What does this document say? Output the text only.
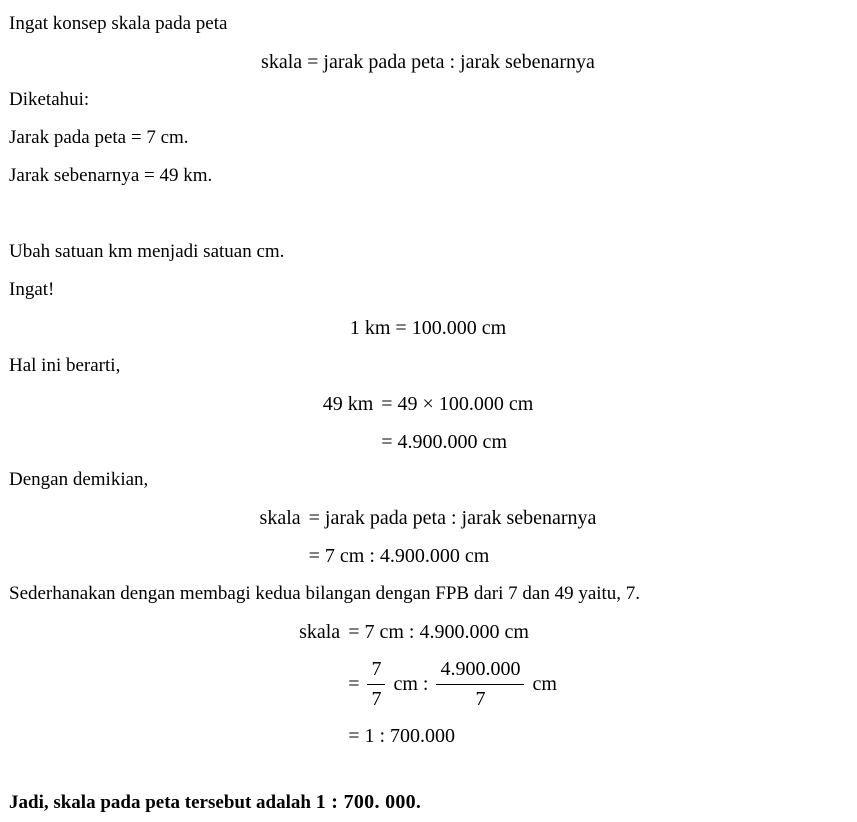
Ingat konsep skala pada peta
skala = jarak pada peta : jarak sebenarnya
Diketahui:
Jarak pada peta = 7 cm.
Jarak sebenarnya = 49 km.
Ubah satuan km menjadi satuan cm.
Ingat!
1 km = 100.000 cm
Hal ini berarti,
49 km = 49 × 100.000 cm
= 4.900.000 cm
Dengan demikian,
skala = jarak pada peta : jarak sebenarnya
= 7 cm : 4.900.000 cm
Sederhanakan dengan membagi kedua bilangan dengan FPB dari 7 dan 49 yaitu, 7.
skala = 7 cm : 4.900.000 cm
= $\frac{7}{7}$ cm : $\frac{4.900.000}{7}$ cm
= 1 : 700.000
Jadi, skala pada peta tersebut adalah 1 : 700. 000.
